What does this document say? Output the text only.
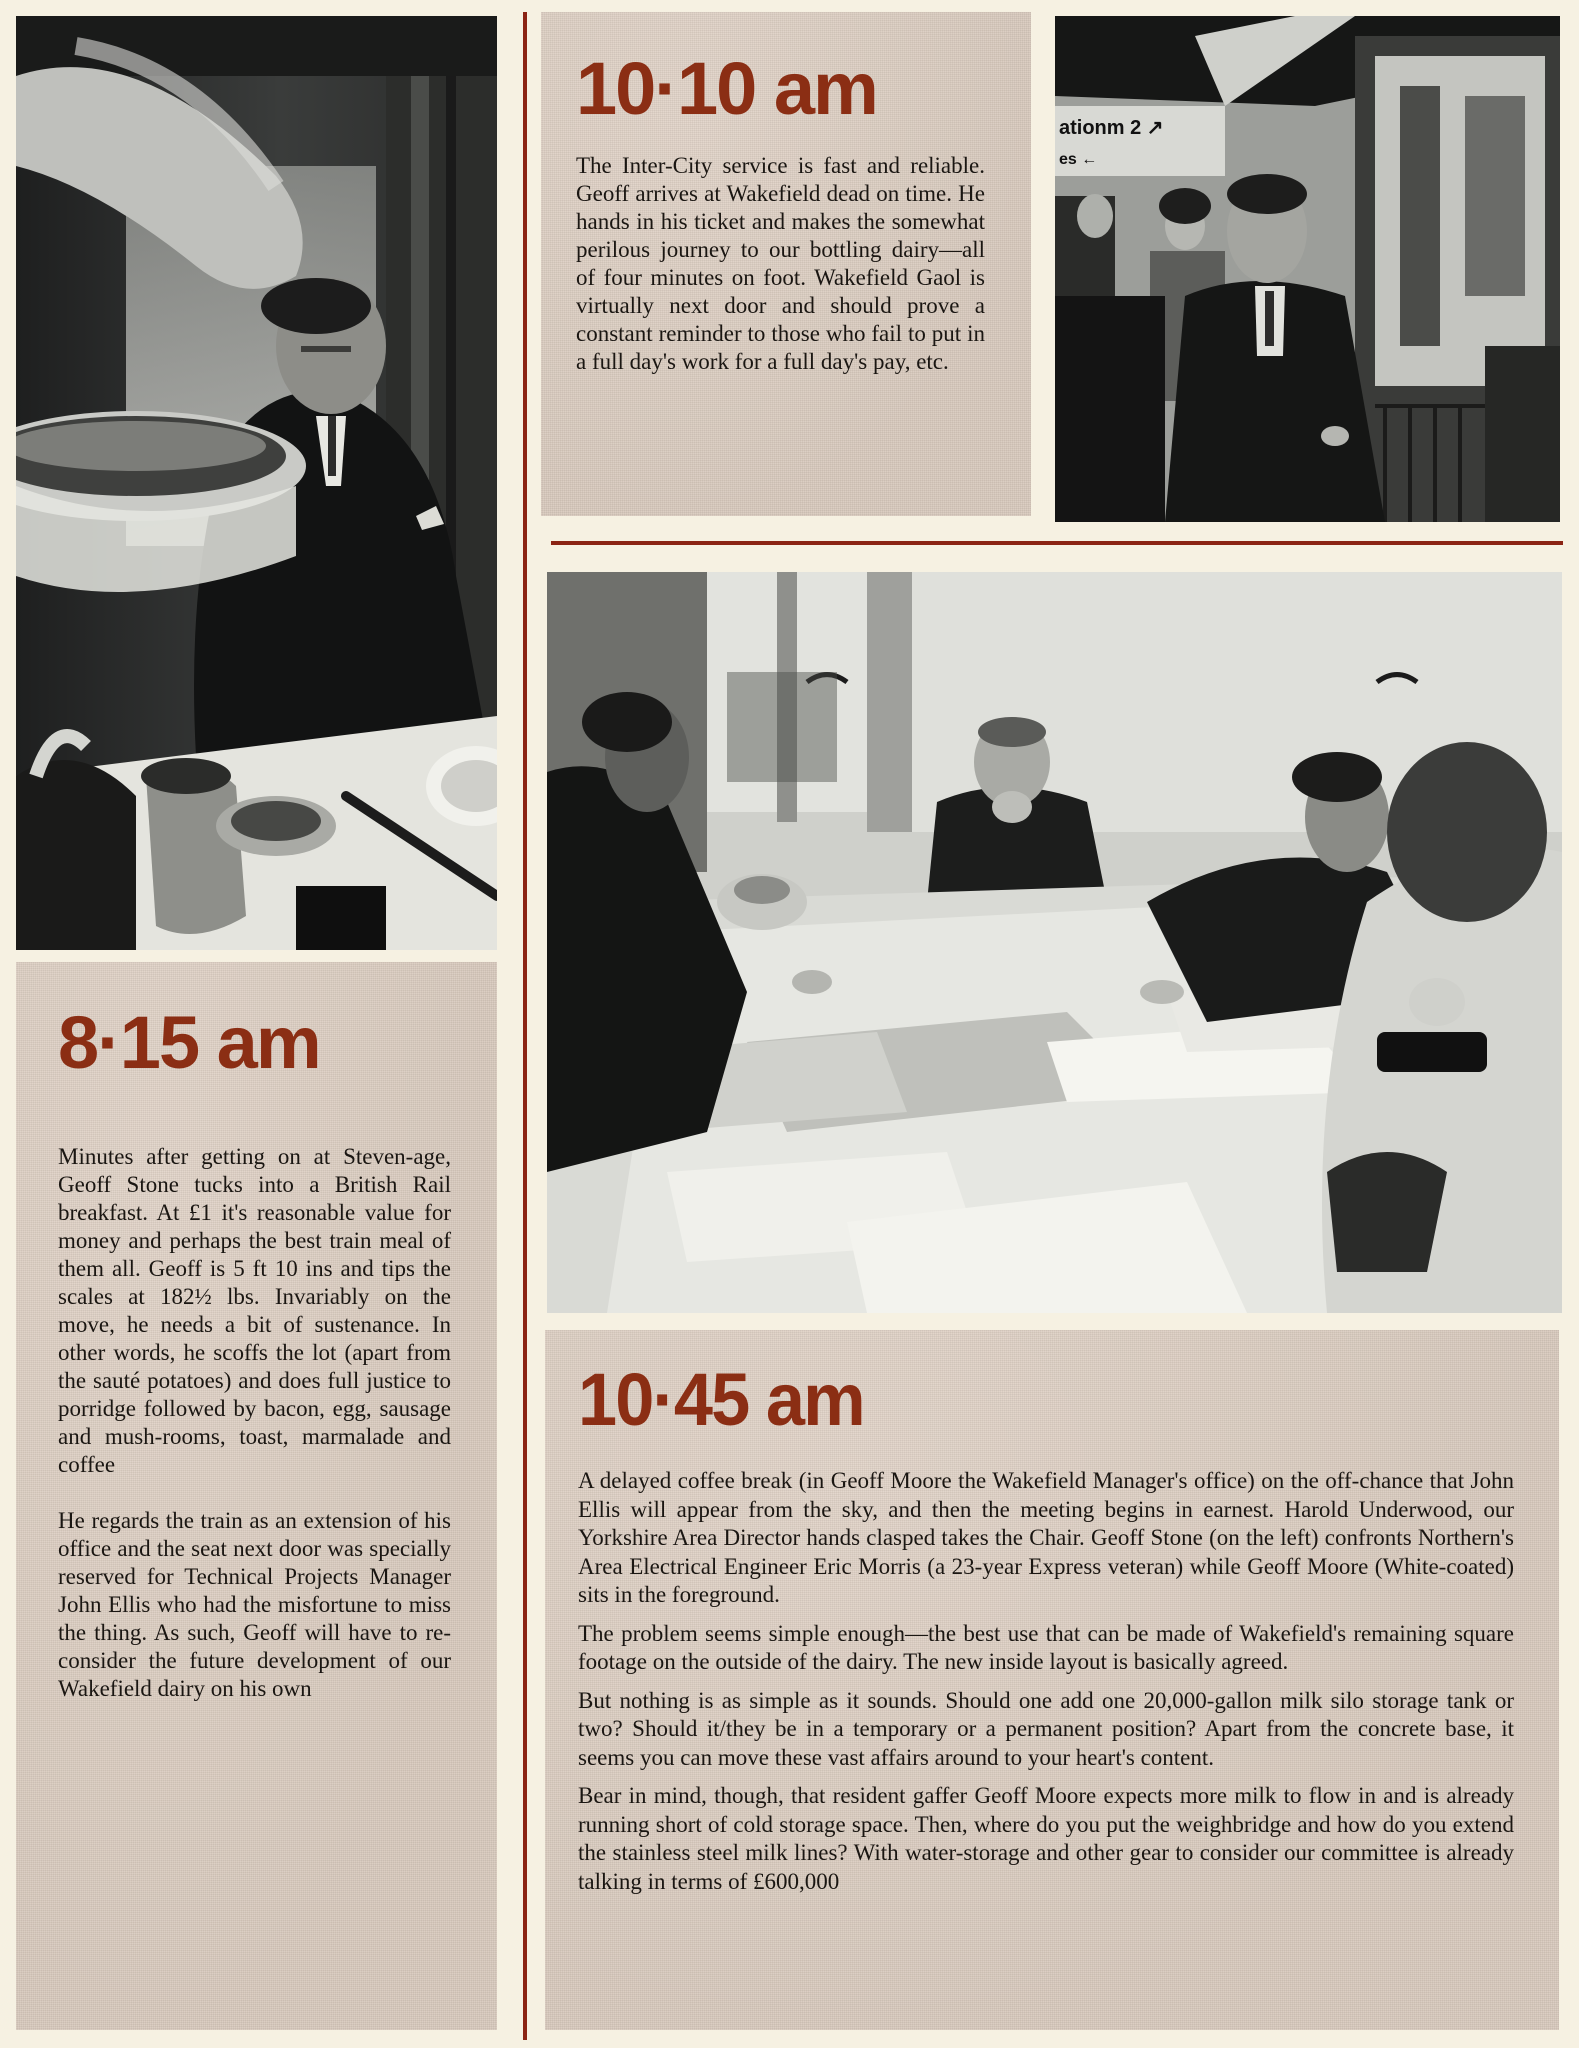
8·15 am

Minutes after getting on at Steven-age, Geoff Stone tucks into a British Rail breakfast. At £1 it's reasonable value for money and perhaps the best train meal of them all. Geoff is 5 ft 10 ins and tips the scales at 182½ lbs. Invariably on the move, he needs a bit of sustenance. In other words, he scoffs the lot (apart from the sauté potatoes) and does full justice to porridge followed by bacon, egg, sausage and mush-rooms, toast, marmalade and coffee

He regards the train as an extension of his office and the seat next door was specially reserved for Technical Projects Manager John Ellis who had the misfortune to miss the thing. As such, Geoff will have to re-consider the future development of our Wakefield dairy on his own

10·10 am

The Inter-City service is fast and reliable. Geoff arrives at Wakefield dead on time. He hands in his ticket and makes the somewhat perilous journey to our bottling dairy—all of four minutes on foot. Wakefield Gaol is virtually next door and should prove a constant reminder to those who fail to put in a full day's work for a full day's pay, etc.

ationm 2 ↗
es ←
10·45 am

A delayed coffee break (in Geoff Moore the Wakefield Manager's office) on the off-chance that John Ellis will appear from the sky, and then the meeting begins in earnest. Harold Underwood, our Yorkshire Area Director hands clasped takes the Chair. Geoff Stone (on the left) confronts Northern's Area Electrical Engineer Eric Morris (a 23-year Express veteran) while Geoff Moore (White-coated) sits in the foreground.

The problem seems simple enough—the best use that can be made of Wakefield's remaining square footage on the outside of the dairy. The new inside layout is basically agreed.

But nothing is as simple as it sounds. Should one add one 20,000-gallon milk silo storage tank or two? Should it/they be in a temporary or a permanent position? Apart from the concrete base, it seems you can move these vast affairs around to your heart's content.

Bear in mind, though, that resident gaffer Geoff Moore expects more milk to flow in and is already running short of cold storage space. Then, where do you put the weighbridge and how do you extend the stainless steel milk lines? With water-storage and other gear to consider our committee is already talking in terms of £600,000
